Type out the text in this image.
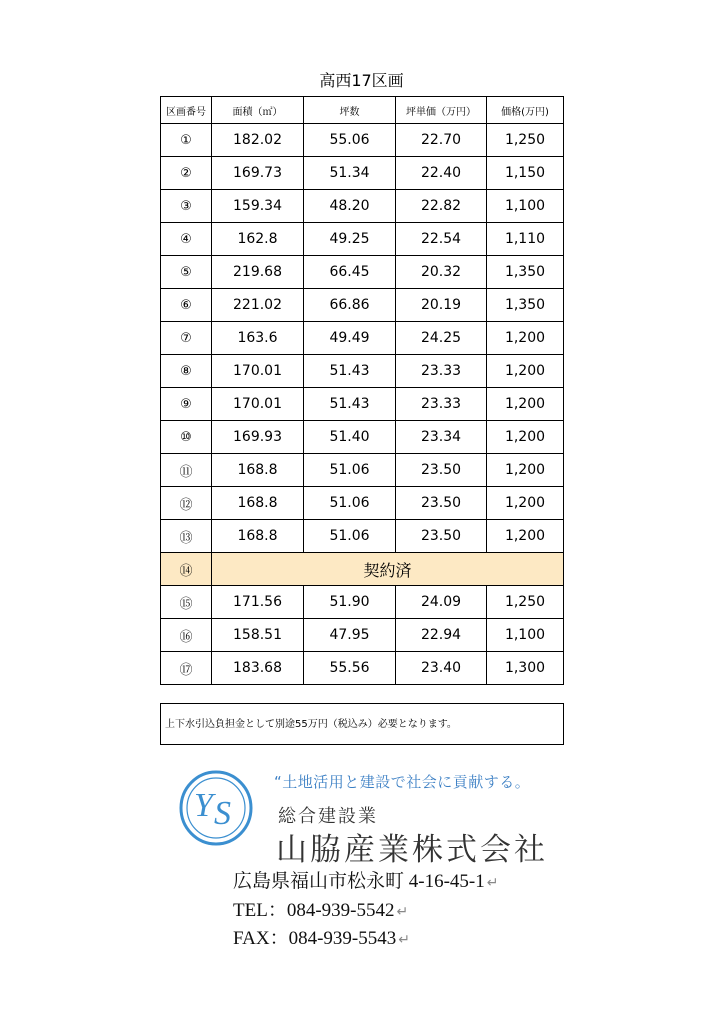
高西17区画
区画番号	面積（㎡）	坪数	坪単価（万円）	価格(万円)
①	182.02	55.06	22.70	1,250
②	169.73	51.34	22.40	1,150
③	159.34	48.20	22.82	1,100
④	162.8	49.25	22.54	1,110
⑤	219.68	66.45	20.32	1,350
⑥	221.02	66.86	20.19	1,350
⑦	163.6	49.49	24.25	1,200
⑧	170.01	51.43	23.33	1,200
⑨	170.01	51.43	23.33	1,200
⑩	169.93	51.40	23.34	1,200
⑪	168.8	51.06	23.50	1,200
⑫	168.8	51.06	23.50	1,200
⑬	168.8	51.06	23.50	1,200
⑭	契約済			
⑮	171.56	51.90	24.09	1,250
⑯	158.51	47.95	22.94	1,100
⑰	183.68	55.56	23.40	1,300
上下水引込負担金として別途55万円（税込み）必要となります。
Y S
“土地活用と建設で社会に貢献する。
総合建設業
山脇産業株式会社
広島県福山市松永町 4-16-45-1 ↵
TEL：084-939-5542 ↵
FAX：084-939-5543 ↵
